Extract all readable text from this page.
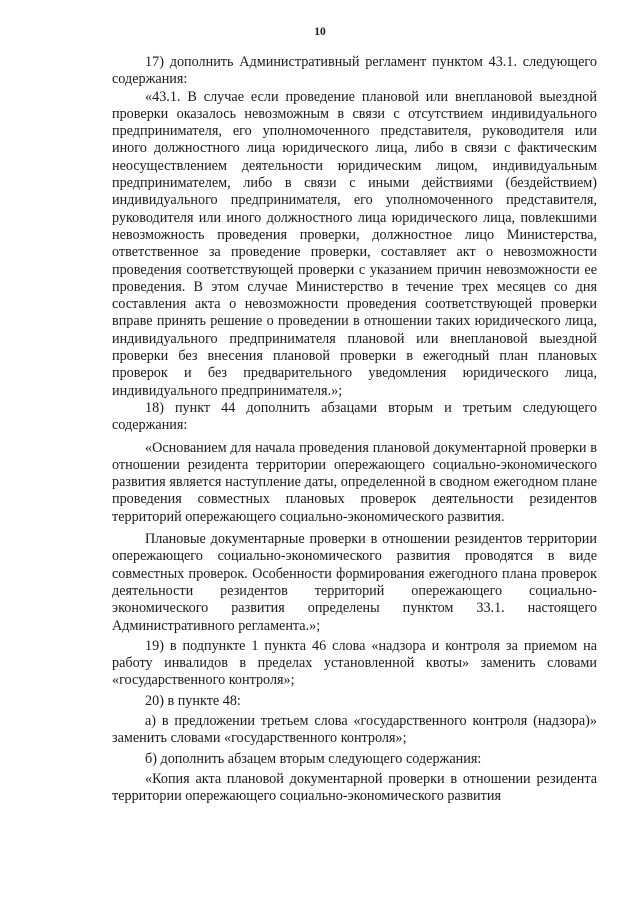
10

17) дополнить Административный регламент пунктом 43.1. следующего содержания:

«43.1. В случае если проведение плановой или внеплановой выездной проверки оказалось невозможным в связи с отсутствием индивидуального предпринимателя, его уполномоченного представителя, руководителя или иного должностного лица юридического лица, либо в связи с фактическим неосуществлением деятельности юридическим лицом, индивидуальным предпринимателем, либо в связи с иными действиями (бездействием) индивидуального предпринимателя, его уполномоченного представителя, руководителя или иного должностного лица юридического лица, повлекшими невозможность проведения проверки, должностное лицо Министерства, ответственное за проведение проверки, составляет акт о невозможности проведения соответствующей проверки с указанием причин невозможности ее проведения. В этом случае Министерство в течение трех месяцев со дня составления акта о невозможности проведения соответствующей проверки вправе принять решение о проведении в отношении таких юридического лица, индивидуального предпринимателя плановой или внеплановой выездной проверки без внесения плановой проверки в ежегодный план плановых проверок и без предварительного уведомления юридического лица, индивидуального предпринимателя.»;

18) пункт 44 дополнить абзацами вторым и третьим следующего содержания:

«Основанием для начала проведения плановой документарной проверки в отношении резидента территории опережающего социально-экономического развития является наступление даты, определенной в сводном ежегодном плане проведения совместных плановых проверок деятельности резидентов территорий опережающего социально-экономического развития.

Плановые документарные проверки в отношении резидентов территории опережающего социально-экономического развития проводятся в виде совместных проверок. Особенности формирования ежегодного плана проверок деятельности резидентов территорий опережающего социально-экономического развития определены пунктом 33.1. настоящего Административного регламента.»;

19) в подпункте 1 пункта 46 слова «надзора и контроля за приемом на работу инвалидов в пределах установленной квоты» заменить словами «государственного контроля»;

20) в пункте 48:

а) в предложении третьем слова «государственного контроля (надзора)» заменить словами «государственного контроля»;

б) дополнить абзацем вторым следующего содержания:

«Копия акта плановой документарной проверки в отношении резидента территории опережающего социально-экономического развития
